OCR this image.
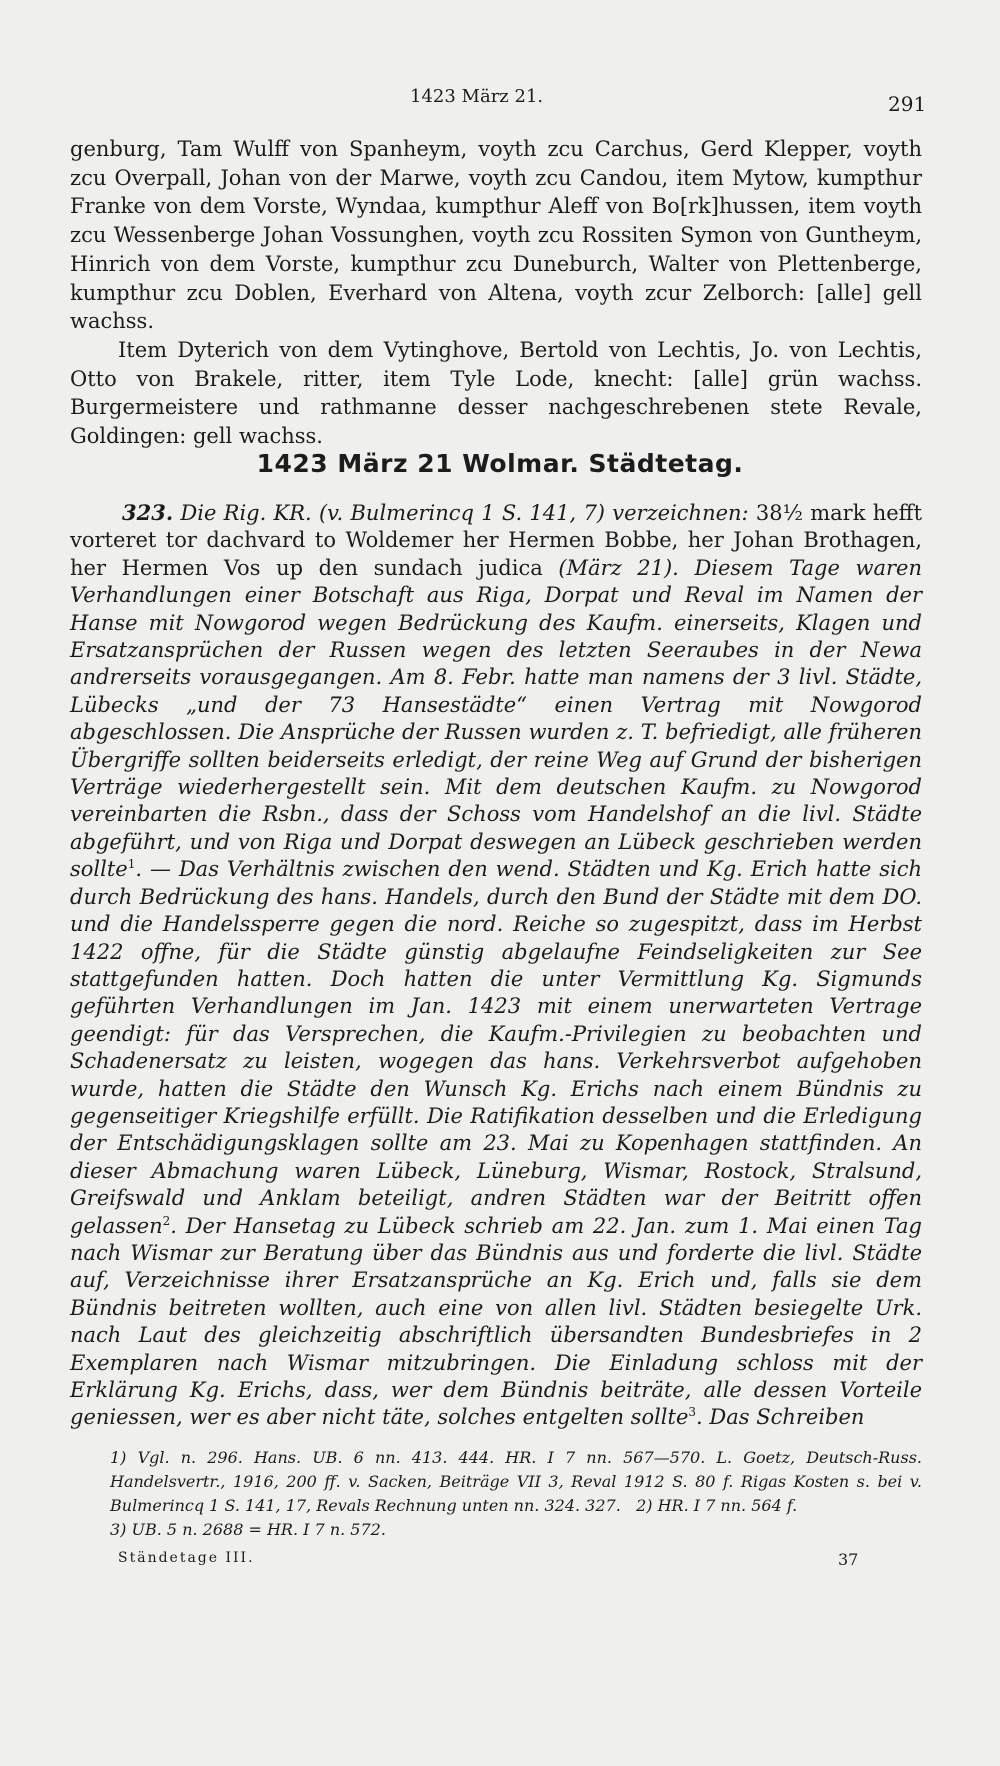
1423 März 21.	291

genburg, Tam Wulff von Spanheym, voyth zcu Carchus, Gerd Klepper, voyth zcu Overpall, Johan von der Marwe, voyth zcu Candou, item Mytow, kumpthur Franke von dem Vorste, Wyndaa, kumpthur Aleff von Bo[rk]hussen, item voyth zcu Wessenberge Johan Vossunghen, voyth zcu Rossiten Symon von Guntheym, Hinrich von dem Vorste, kumpthur zcu Duneburch, Walter von Plettenberge, kumpthur zcu Doblen, Everhard von Altena, voyth zcur Zelborch: [alle] gell wachss.

Item Dyterich von dem Vytinghove, Bertold von Lechtis, Jo. von Lechtis, Otto von Brakele, ritter, item Tyle Lode, knecht: [alle] grün wachss. Burgermeistere und rathmanne desser nachgeschrebenen stete Revale, Goldingen: gell wachss.

1423 März 21 Wolmar. Städtetag.

323. Die Rig. KR. (v. Bulmerincq 1 S. 141, 7) verzeichnen: 38½ mark hefft vorteret tor dachvard to Woldemer her Hermen Bobbe, her Johan Brothagen, her Hermen Vos up den sundach judica (März 21). Diesem Tage waren Verhandlungen einer Botschaft aus Riga, Dorpat und Reval im Namen der Hanse mit Nowgorod wegen Bedrückung des Kaufm. einerseits, Klagen und Ersatzansprüchen der Russen wegen des letzten Seeraubes in der Newa andrerseits vorausgegangen. Am 8. Febr. hatte man namens der 3 livl. Städte, Lübecks „und der 73 Hansestädte“ einen Vertrag mit Nowgorod abgeschlossen. Die Ansprüche der Russen wurden z. T. befriedigt, alle früheren Übergriffe sollten beiderseits erledigt, der reine Weg auf Grund der bisherigen Verträge wiederhergestellt sein. Mit dem deutschen Kaufm. zu Nowgorod vereinbarten die Rsbn., dass der Schoss vom Handelshof an die livl. Städte abgeführt, und von Riga und Dorpat deswegen an Lübeck geschrieben werden sollte$^1$. — Das Verhältnis zwischen den wend. Städten und Kg. Erich hatte sich durch Bedrückung des hans. Handels, durch den Bund der Städte mit dem DO. und die Handelssperre gegen die nord. Reiche so zugespitzt, dass im Herbst 1422 offne, für die Städte günstig abgelaufne Feindseligkeiten zur See stattgefunden hatten. Doch hatten die unter Vermittlung Kg. Sigmunds geführten Verhandlungen im Jan. 1423 mit einem unerwarteten Vertrage geendigt: für das Versprechen, die Kaufm.-Privilegien zu beobachten und Schadenersatz zu leisten, wogegen das hans. Verkehrsverbot aufgehoben wurde, hatten die Städte den Wunsch Kg. Erichs nach einem Bündnis zu gegenseitiger Kriegshilfe erfüllt. Die Ratifikation desselben und die Erledigung der Entschädigungsklagen sollte am 23. Mai zu Kopenhagen stattfinden. An dieser Abmachung waren Lübeck, Lüneburg, Wismar, Rostock, Stralsund, Greifswald und Anklam beteiligt, andren Städten war der Beitritt offen gelassen$^2$. Der Hansetag zu Lübeck schrieb am 22. Jan. zum 1. Mai einen Tag nach Wismar zur Beratung über das Bündnis aus und forderte die livl. Städte auf, Verzeichnisse ihrer Ersatzansprüche an Kg. Erich und, falls sie dem Bündnis beitreten wollten, auch eine von allen livl. Städten besiegelte Urk. nach Laut des gleichzeitig abschriftlich übersandten Bundesbriefes in 2 Exemplaren nach Wismar mitzubringen. Die Einladung schloss mit der Erklärung Kg. Erichs, dass, wer dem Bündnis beiträte, alle dessen Vorteile geniessen, wer es aber nicht täte, solches entgelten sollte$^3$. Das Schreiben

1) Vgl. n. 296. Hans. UB. 6 nn. 413. 444. HR. I 7 nn. 567—570. L. Goetz, Deutsch-Russ. Handelsvertr., 1916, 200 ff. v. Sacken, Beiträge VII 3, Reval 1912 S. 80 f. Rigas Kosten s. bei v. Bulmerincq 1 S. 141, 17, Revals Rechnung unten nn. 324. 327. 2) HR. I 7 nn. 564 f.

3) UB. 5 n. 2688 = HR. I 7 n. 572.

Ständetage III.	37
